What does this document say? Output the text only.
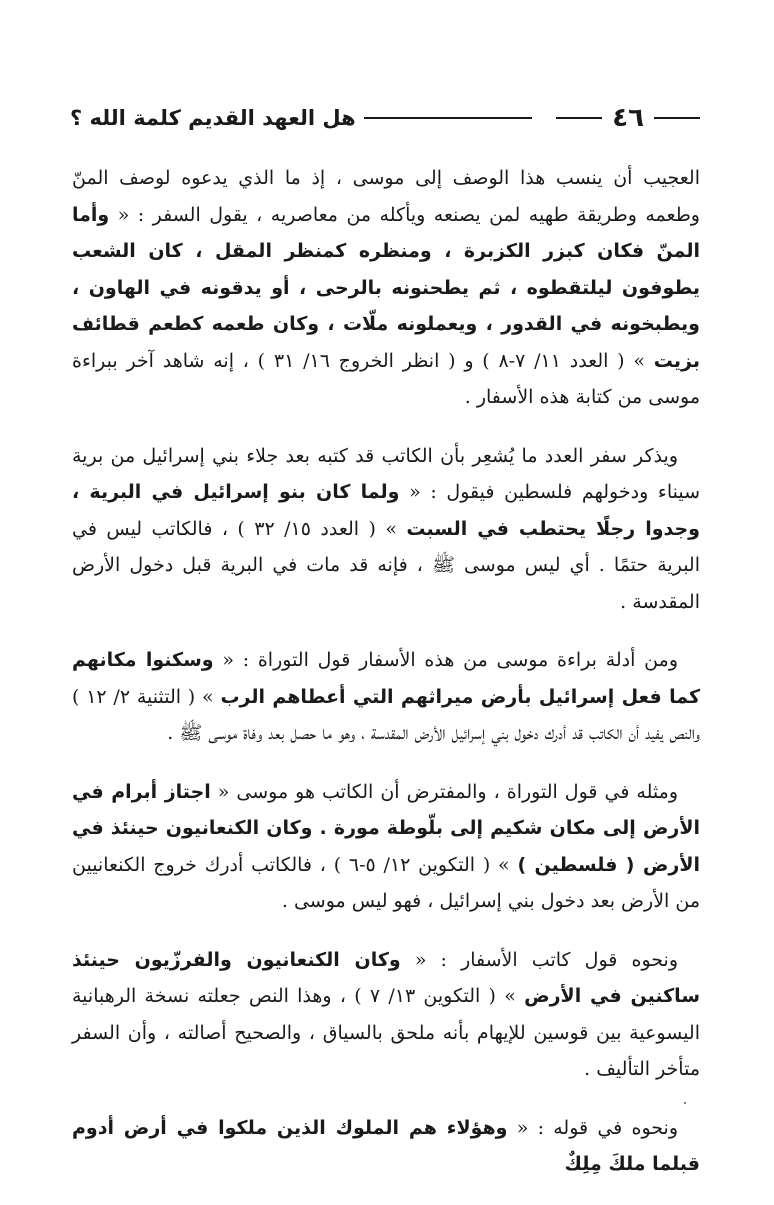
٤٦
هل العهد القديم كلمة الله ؟

العجيب أن ينسب هذا الوصف إلى موسى ، إذ ما الذي يدعوه لوصف المنّ وطعمه وطريقة طهيه لمن يصنعه ويأكله من معاصريه ، يقول السفر : « وأما المنّ فكان كبزر الكزبرة ، ومنظره كمنظر المقل ، كان الشعب يطوفون ليلتقطوه ، ثم يطحنونه بالرحى ، أو يدقونه في الهاون ، ويطبخونه في القدور ، ويعملونه ملّات ، وكان طعمه كطعم قطائف بزيت » ( العدد ١١/ ٧-٨ ) و ( انظر الخروج ١٦/ ٣١ ) ، إنه شاهد آخر ببراءة موسى من كتابة هذه الأسفار .

ويذكر سفر العدد ما يُشعِر بأن الكاتب قد كتبه بعد جلاء بني إسرائيل من برية سيناء ودخولهم فلسطين فيقول : « ولما كان بنو إسرائيل في البرية ، وجدوا رجلًا يحتطب في السبت » ( العدد ١٥/ ٣٢ ) ، فالكاتب ليس في البرية حتمًا . أي ليس موسى ﷺ ، فإنه قد مات في البرية قبل دخول الأرض المقدسة .

ومن أدلة براءة موسى من هذه الأسفار قول التوراة : « وسكنوا مكانهم كما فعل إسرائيل بأرض ميراثهم التي أعطاهم الرب » ( التثنية ٢/ ١٢ ) والنص يفيد أن الكاتب قد أدرك دخول بني إسرائيل الأرض المقدسة ، وهو ما حصل بعد وفاة موسى ﷺ .

ومثله في قول التوراة ، والمفترض أن الكاتب هو موسى « اجتاز أبرام في الأرض إلى مكان شكيم إلى بلّوطة مورة . وكان الكنعانيون حينئذ في الأرض ( فلسطين ) » ( التكوين ١٢/ ٥-٦ ) ، فالكاتب أدرك خروج الكنعانيين من الأرض بعد دخول بني إسرائيل ، فهو ليس موسى .

ونحوه قول كاتب الأسفار : « وكان الكنعانيون والفرزّيون حينئذ ساكنين في الأرض » ( التكوين ١٣/ ٧ ) ، وهذا النص جعلته نسخة الرهبانية اليسوعية بين قوسين للإيهام بأنه ملحق بالسياق ، والصحيح أصالته ، وأن السفر متأخر التأليف .

ونحوه في قوله : « وهؤلاء هم الملوك الذين ملكوا في أرض أدوم قبلما ملكَ مِلِكٌ
